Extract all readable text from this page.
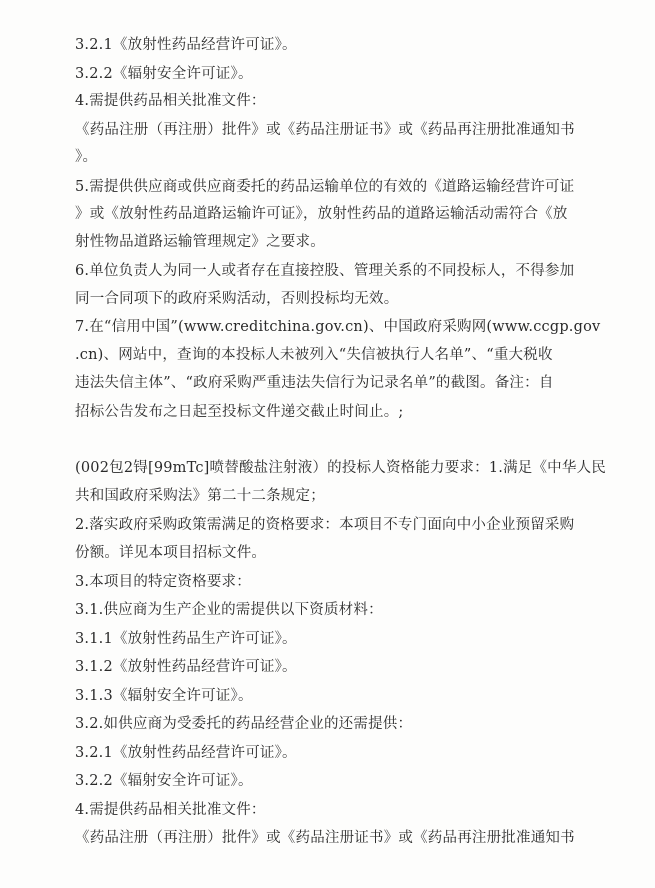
3.2.1《放射性药品经营许可证》。
3.2.2《辐射安全许可证》。
4.需提供药品相关批准文件：
《药品注册（再注册）批件》或《药品注册证书》或《药品再注册批准通知书
》。
5.需提供供应商或供应商委托的药品运输单位的有效的《道路运输经营许可证
》或《放射性药品道路运输许可证》，放射性药品的道路运输活动需符合《放
射性物品道路运输管理规定》之要求。
6.单位负责人为同一人或者存在直接控股、管理关系的不同投标人，不得参加
同一合同项下的政府采购活动，否则投标均无效。
7.在“信用中国”(www.creditchina.gov.cn)、中国政府采购网(www.ccgp.gov
.cn)、网站中，查询的本投标人未被列入“失信被执行人名单”、“重大税收
违法失信主体”、“政府采购严重违法失信行为记录名单”的截图。备注：自
招标公告发布之日起至投标文件递交截止时间止。;
(002包2锝[99mTc]喷替酸盐注射液）的投标人资格能力要求：1.满足《中华人民
共和国政府采购法》第二十二条规定；
2.落实政府采购政策需满足的资格要求：本项目不专门面向中小企业预留采购
份额。详见本项目招标文件。
3.本项目的特定资格要求：
3.1.供应商为生产企业的需提供以下资质材料：
3.1.1《放射性药品生产许可证》。
3.1.2《放射性药品经营许可证》。
3.1.3《辐射安全许可证》。
3.2.如供应商为受委托的药品经营企业的还需提供：
3.2.1《放射性药品经营许可证》。
3.2.2《辐射安全许可证》。
4.需提供药品相关批准文件：
《药品注册（再注册）批件》或《药品注册证书》或《药品再注册批准通知书
